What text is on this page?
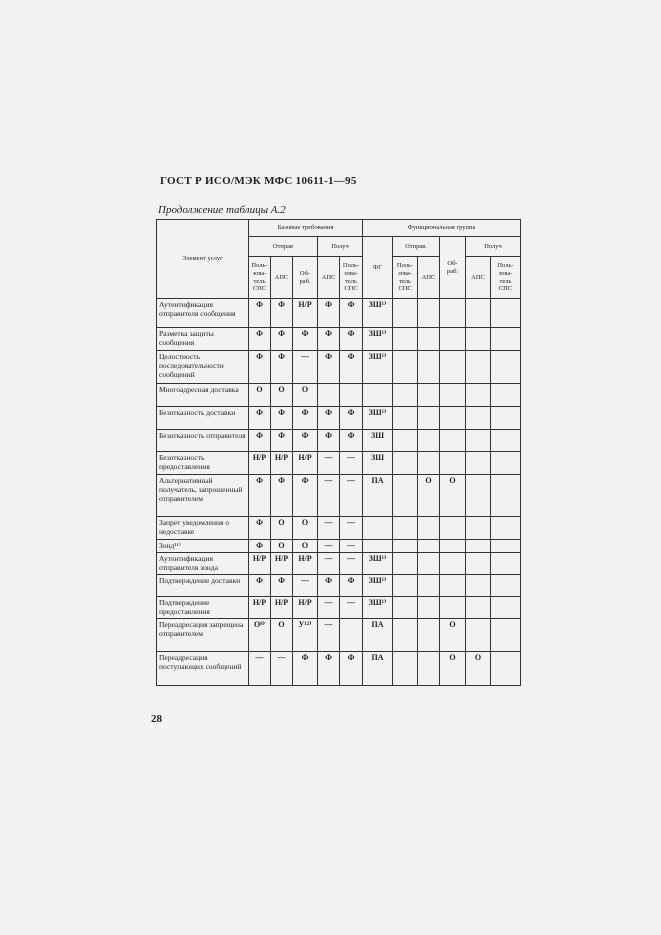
ГОСТ Р ИСО/МЭК МФС 10611-1—95
Продолжение таблицы А.2
Элемент услуг	Базовые требования					Функциональная группа					
	Отправ			Получ		ФГ	Отправ.		Об-раб.	Получ	
	Поль-зова-тель СПС	АПС	Об-раб.	АПС	Поль-зова-тель СПС		Поль-зова-тель СПС	АПС		АПС	Поль-зова-тель СПС
Аутентификация отправителя сообщения	Ф	Ф	Н/Р	Ф	Ф	ЗШ¹⁾					
Разметка защиты сообщения	Ф	Ф	Ф	Ф	Ф	ЗШ¹⁾					
Целостность последовательности сообщений	Ф	Ф	—	Ф	Ф	ЗШ¹⁾					
Многоадресная доставка	О	О	О								
Безотказность доставки	Ф	Ф	Ф	Ф	Ф	ЗШ¹⁾					
Безотказность отправителя	Ф	Ф	Ф	Ф	Ф	ЗШ					
Безотказность предоставления	Н/Р	Н/Р	Н/Р	—	—	ЗШ					
Альтернативный получатель, запрошенный отправителем	Ф	Ф	Ф	—	—	ПА		О	О		
Запрет уведомления о недоставке	Ф	О	О	—	—						
Зонд¹¹⁾	Ф	О	О	—	—						
Аутентификация отправителя зонда	Н/Р	Н/Р	Н/Р	—	—	ЗШ¹⁾					
Подтверждение доставки	Ф	Ф	—	Ф	Ф	ЗШ¹⁾					
Подтверждение предоставления	Н/Р	Н/Р	Н/Р	—	—	ЗШ¹⁾					
Переадресация запрещена отправителем	О⁸⁾	О	У¹²⁾	—		ПА			О		
Переадресация поступающих сообщений	—	—	Ф	Ф	Ф	ПА			О	О	
28
